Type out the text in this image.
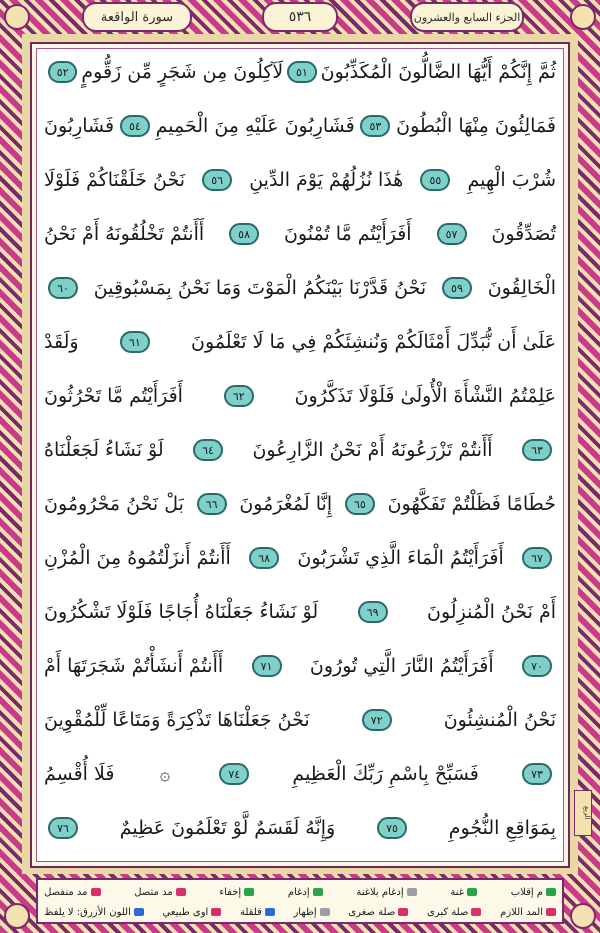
سورة الواقعة	٥٣٦	الجزء السابع والعشرون
ثُمَّ إِنَّكُمْ أَيُّهَا الضَّالُّونَ الْمُكَذِّبُونَ
٥١
لَآكِلُونَ مِن شَجَرٍ مِّن زَقُّومٍ
٥٢
فَمَالِئُونَ مِنْهَا الْبُطُونَ
٥٣
فَشَارِبُونَ عَلَيْهِ مِنَ الْحَمِيمِ
٥٤
فَشَارِبُونَ
شُرْبَ الْهِيمِ
٥٥
هَٰذَا نُزُلُهُمْ يَوْمَ الدِّينِ
٥٦
نَحْنُ خَلَقْنَاكُمْ فَلَوْلَا
تُصَدِّقُونَ
٥٧
أَفَرَأَيْتُم مَّا تُمْنُونَ
٥٨
أَأَنتُمْ تَخْلُقُونَهُ أَمْ نَحْنُ
الْخَالِقُونَ
٥٩
نَحْنُ قَدَّرْنَا بَيْنَكُمُ الْمَوْتَ وَمَا نَحْنُ بِمَسْبُوقِينَ
٦٠
عَلَىٰ أَن نُّبَدِّلَ أَمْثَالَكُمْ وَنُنشِئَكُمْ فِي مَا لَا تَعْلَمُونَ
٦١
وَلَقَدْ
عَلِمْتُمُ النَّشْأَةَ الْأُولَىٰ فَلَوْلَا تَذَكَّرُونَ
٦٢
أَفَرَأَيْتُم مَّا تَحْرُثُونَ
٦٣
أَأَنتُمْ تَزْرَعُونَهُ أَمْ نَحْنُ الزَّارِعُونَ
٦٤
لَوْ نَشَاءُ لَجَعَلْنَاهُ
حُطَامًا فَظَلْتُمْ تَفَكَّهُونَ
٦٥
إِنَّا لَمُغْرَمُونَ
٦٦
بَلْ نَحْنُ مَحْرُومُونَ
٦٧
أَفَرَأَيْتُمُ الْمَاءَ الَّذِي تَشْرَبُونَ
٦٨
أَأَنتُمْ أَنزَلْتُمُوهُ مِنَ الْمُزْنِ
أَمْ نَحْنُ الْمُنزِلُونَ
٦٩
لَوْ نَشَاءُ جَعَلْنَاهُ أُجَاجًا فَلَوْلَا تَشْكُرُونَ
٧٠
أَفَرَأَيْتُمُ النَّارَ الَّتِي تُورُونَ
٧١
أَأَنتُمْ أَنشَأْتُمْ شَجَرَتَهَا أَمْ
نَحْنُ الْمُنشِئُونَ
٧٢
نَحْنُ جَعَلْنَاهَا تَذْكِرَةً وَمَتَاعًا لِّلْمُقْوِينَ
٧٣
فَسَبِّحْ بِاسْمِ رَبِّكَ الْعَظِيمِ
٧٤
۞
فَلَا أُقْسِمُ
بِمَوَاقِعِ النُّجُومِ
٧٥
وَإِنَّهُ لَقَسَمٌ لَّوْ تَعْلَمُونَ عَظِيمٌ
٧٦
الربع
م إقلاب
غنة
إدغام بلاغنة
إدغام
إخفاء
مد متصل
مد منفصل
المد اللازم
صلة كبرى
صلة صغرى
إظهار
قلقلة
اوى طبيعي
اللون الأزرق: لا يلفظ
